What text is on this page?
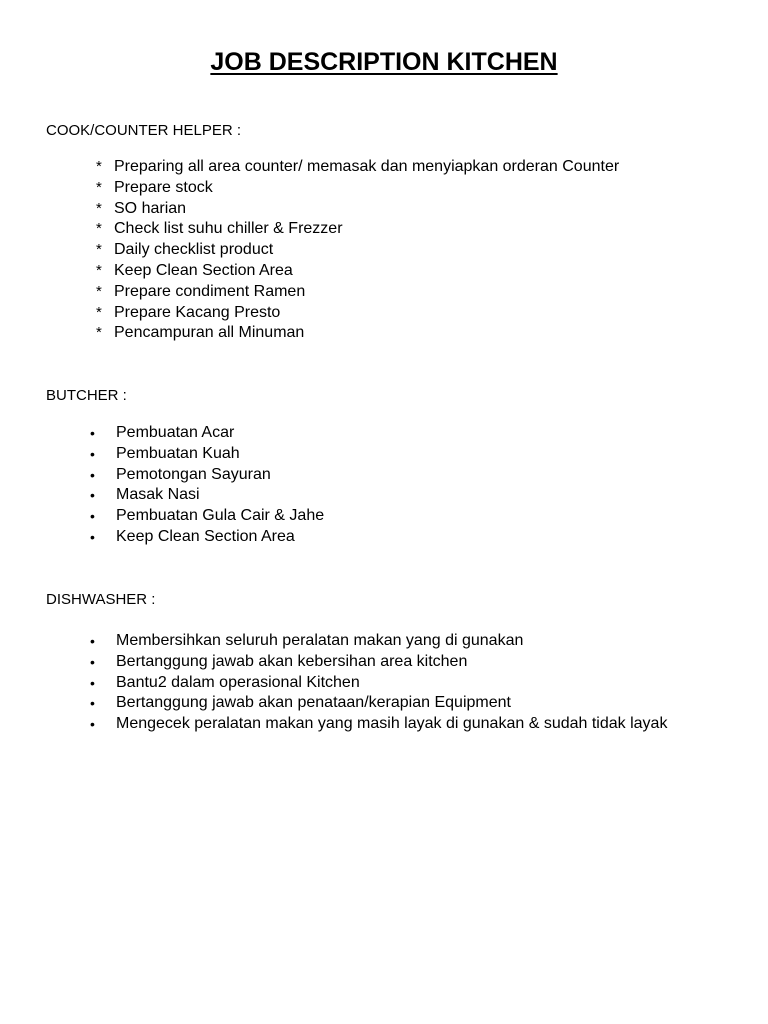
JOB DESCRIPTION KITCHEN

COOK/COUNTER HELPER :

* Preparing all area counter/ memasak dan menyiapkan orderan Counter
* Prepare stock
* SO harian
* Check list suhu chiller & Frezzer
* Daily checklist product
* Keep Clean Section Area
* Prepare condiment Ramen
* Prepare Kacang Presto
* Pencampuran all Minuman

BUTCHER :

•	Pembuatan Acar
•	Pembuatan Kuah
•	Pemotongan Sayuran
•	Masak Nasi
•	Pembuatan Gula Cair & Jahe
•	Keep Clean Section Area

DISHWASHER :

•	Membersihkan seluruh peralatan makan yang di gunakan
•	Bertanggung jawab akan kebersihan area kitchen
•	Bantu2 dalam operasional Kitchen
•	Bertanggung jawab akan penataan/kerapian Equipment
•	Mengecek peralatan makan yang masih layak di gunakan & sudah tidak layak
